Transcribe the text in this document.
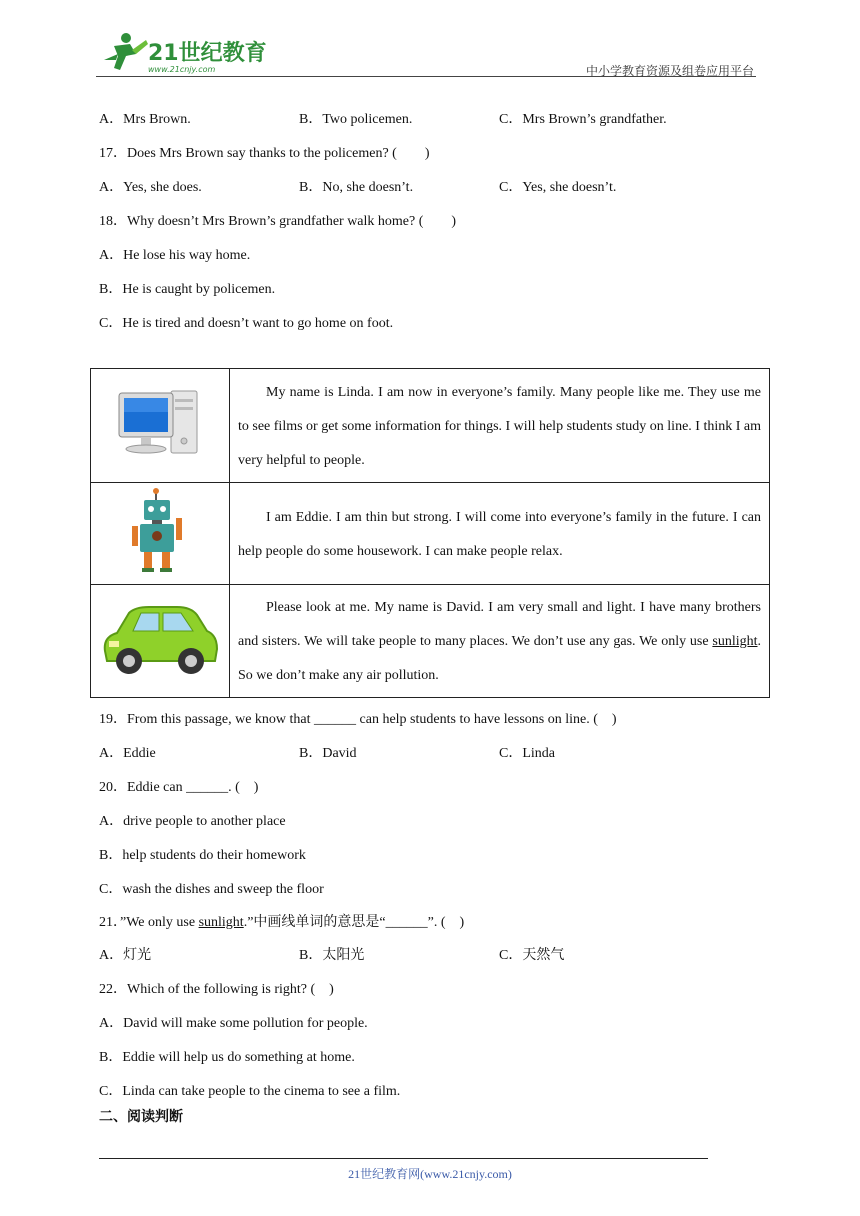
21世纪教育
www.21cnjy.com	中小学教育资源及组卷应用平台
A．Mrs Brown.	B．Two policemen.	C．Mrs Brown’s grandfather.
17．Does Mrs Brown say thanks to the policemen? (　　)
A．Yes, she does.	B．No, she doesn’t.	C．Yes, she doesn’t.
18．Why doesn’t Mrs Brown’s grandfather walk home? (　　)
A．He lose his way home.
B．He is caught by policemen.
C．He is tired and doesn’t want to go home on foot.
	My name is Linda. I am now in everyone’s family. Many people like me. They use me to see films or get some information for things. I will help students study on line. I think I am very helpful to people.
	I am Eddie. I am thin but strong. I will come into everyone’s family in the future. I can help people do some housework. I can make people relax.
	Please look at me. My name is David. I am very small and light. I have many brothers and sisters. We will take people to many places. We don’t use any gas. We only use sunlight. So we don’t make any air pollution.
19．From this passage, we know that ______ can help students to have lessons on line. (　)
A．Eddie	B．David	C．Linda
20．Eddie can ______. (　)
A．drive people to another place
B．help students do their homework
C．wash the dishes and sweep the floor
21．”We only use sunlight.”中画线单词的意思是“______”. (　)
A．灯光	B．太阳光	C．天然气
22．Which of the following is right? (　)
A．David will make some pollution for people.
B．Eddie will help us do something at home.
C．Linda can take people to the cinema to see a film.
二、阅读判断
21世纪教育网(www.21cnjy.com)
